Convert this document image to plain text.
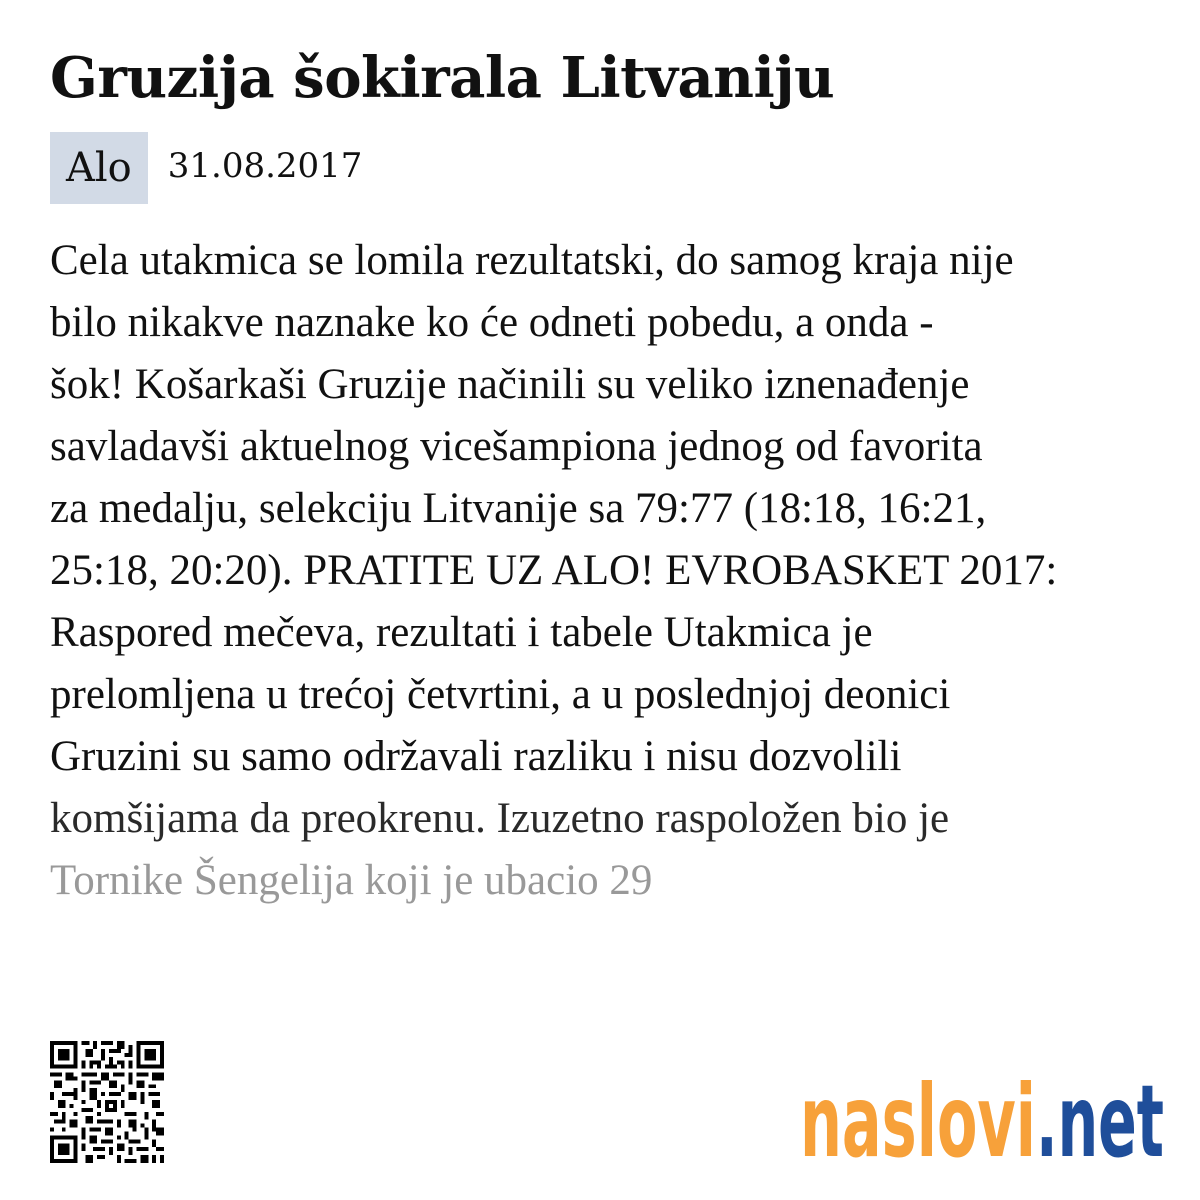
Gruzija šokirala Litvaniju
Alo	31.08.2017
Cela utakmica se lomila rezultatski, do samog kraja nije
bilo nikakve naznake ko će odneti pobedu, a onda -
šok! Košarkaši Gruzije načinili su veliko iznenađenje
savladavši aktuelnog vicešampiona jednog od favorita
za medalju, selekciju Litvanije sa 79:77 (18:18, 16:21,
25:18, 20:20). PRATITE UZ ALO! EVROBASKET 2017:
Raspored mečeva, rezultati i tabele Utakmica je
prelomljena u trećoj četvrtini, a u poslednjoj deonici
Gruzini su samo održavali razliku i nisu dozvolili
komšijama da preokrenu. Izuzetno raspoložen bio je
Tornike Šengelija koji je ubacio 29
naslovi .net
